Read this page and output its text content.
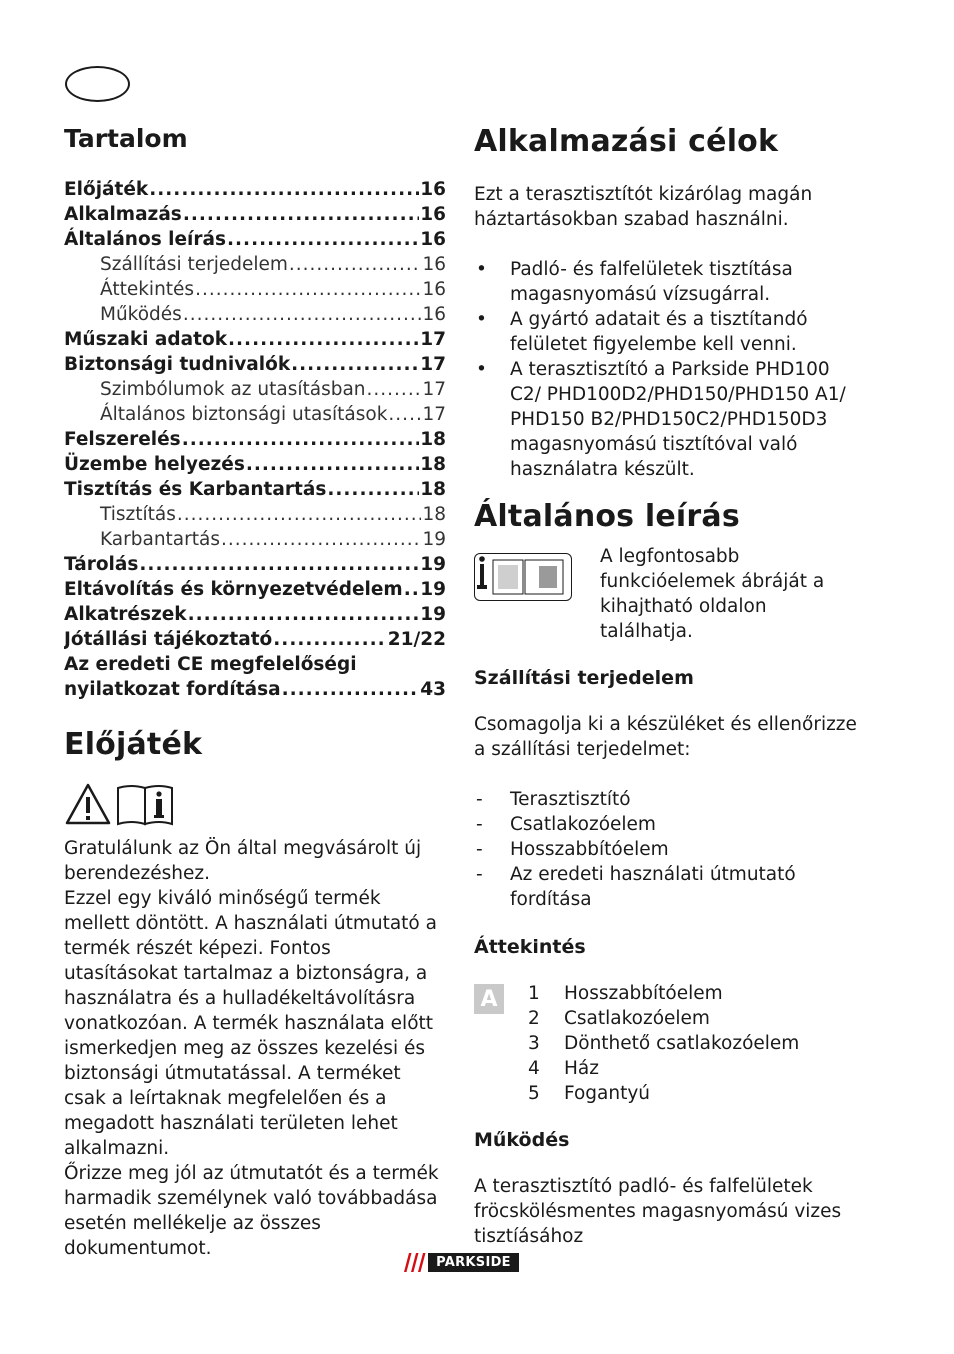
Tartalom
Előjáték .....	16
Alkalmazás .....	16
Általános leírás .....	16
Szállítási terjedelem .....	16
Áttekintés .....	16
Működés .....	16
Műszaki adatok .....	17
Biztonsági tudnivalók .....	17
Szimbólumok az utasításban .....	17
Általános biztonsági utasítások ..... 17
Felszerelés .....	18
Üzembe helyezés .....	18
Tisztítás és Karbantartás .....	18
Tisztítás .....	18
Karbantartás .....	19
Tárolás .....	19
Eltávolítás és környezetvédelem ..... 19
Alkatrészek .....	19
Jótállási tájékoztató .....	21/22
Az eredeti CE megfelelőségi
nyilatkozat fordítása .....	43
Előjáték

Gratulálunk az Ön által megvásárolt új berendezéshez.

Ezzel egy kiváló minőségű termék mellett döntött. A használati útmutató a termék részét képezi. Fontos utasításokat tartalmaz a biztonságra, a használatra és a hulladékeltávolításra vonatkozóan. A termék használata előtt ismerkedjen meg az összes kezelési és biztonsági útmutatással. A terméket csak a leírtaknak megfelelően és a megadott használati területen lehet alkalmazni.

Őrizze meg jól az útmutatót és a termék harmadik személynek való továbbadása esetén mellékelje az összes dokumentumot.

Alkalmazási célok

Ezt a terasztisztítót kizárólag magán háztartásokban szabad használni.

• Padló- és falfelületek tisztítása magasnyomású vízsugárral.
• A gyártó adatait és a tisztítandó felületet figyelembe kell venni.
• A terasztisztító a Parkside PHD100 C2/ PHD100D2/PHD150/PHD150 A1/ PHD150 B2/PHD150C2/PHD150D3 magasnyomású tisztítóval való használatra készült.
Általános leírás

A legfontosabb funkcióelemek ábráját a kihajtható oldalon találhatja.

Szállítási terjedelem

Csomagolja ki a készüléket és ellenőrizze a szállítási terjedelmet:

- Terasztisztító
- Csatlakozóelem
- Hosszabbítóelem
- Az eredeti használati útmutató fordítása
Áttekintés
A	1	Hosszabbítóelem
2	Csatlakozóelem
3	Dönthető csatlakozóelem
4	Ház
5	Fogantyú
Működés

A terasztisztító padló- és falfelületek fröcskölésmentes magasnyomású vizes tisztíásához

PARKSIDE
